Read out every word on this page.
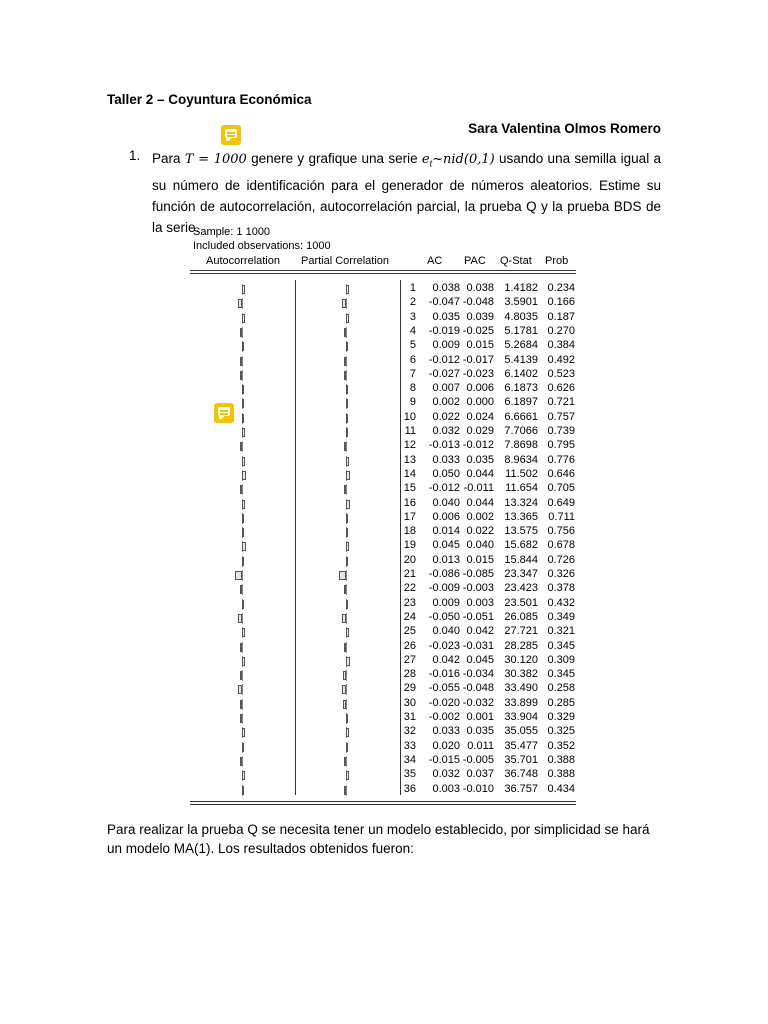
Taller 2 – Coyuntura Económica
Sara Valentina Olmos Romero
1. Para T = 1000 genere y grafique una serie $e_t\sim nid(0,1)$ usando una semilla igual a su número de identificación para el generador de números aleatorios. Estime su función de autocorrelación, autocorrelación parcial, la prueba Q y la prueba BDS de la serie.
Sample: 1 1000
Included observations: 1000
Autocorrelation Partial Correlation	AC PAC Q-Stat Prob
1	0.038 0.038 1.4182 0.234
2	-0.047 -0.048 3.5901 0.166
3	0.035 0.039 4.8035 0.187
4	-0.019 -0.025 5.1781 0.270
5	0.009 0.015 5.2684 0.384
6	-0.012 -0.017 5.4139 0.492
7	-0.027 -0.023 6.1402 0.523
8	0.007 0.006 6.1873 0.626
9	0.002 0.000 6.1897 0.721
10	0.022 0.024 6.6661 0.757
11	0.032 0.029 7.7066 0.739
12	-0.013 -0.012 7.8698 0.795
13	0.033 0.035 8.9634 0.776
14	0.050 0.044	11.502 0.646
15	-0.012 -0.011	11.654 0.705
16	0.040 0.044 13.324 0.649
17	0.006 0.002 13.365 0.711
18	0.014 0.022 13.575 0.756
19	0.045 0.040 15.682 0.678
20	0.013 0.015 15.844 0.726
21	-0.086 -0.085 23.347 0.326
22	-0.009 -0.003 23.423 0.378
23	0.009 0.003 23.501 0.432
24	-0.050 -0.051 26.085 0.349
25	0.040 0.042 27.721 0.321
26	-0.023 -0.031 28.285 0.345
27	0.042 0.045 30.120 0.309
28	-0.016 -0.034 30.382 0.345
29	-0.055 -0.048 33.490 0.258
30	-0.020 -0.032 33.899 0.285
31	-0.002 0.001 33.904 0.329
32	0.033 0.035 35.055 0.325
33	0.020 0.011 35.477 0.352
34	-0.015 -0.005 35.701 0.388
35	0.032 0.037 36.748 0.388
36	0.003 -0.010 36.757 0.434
Para realizar la prueba Q se necesita tener un modelo establecido, por simplicidad se hará un modelo MA(1). Los resultados obtenidos fueron:
